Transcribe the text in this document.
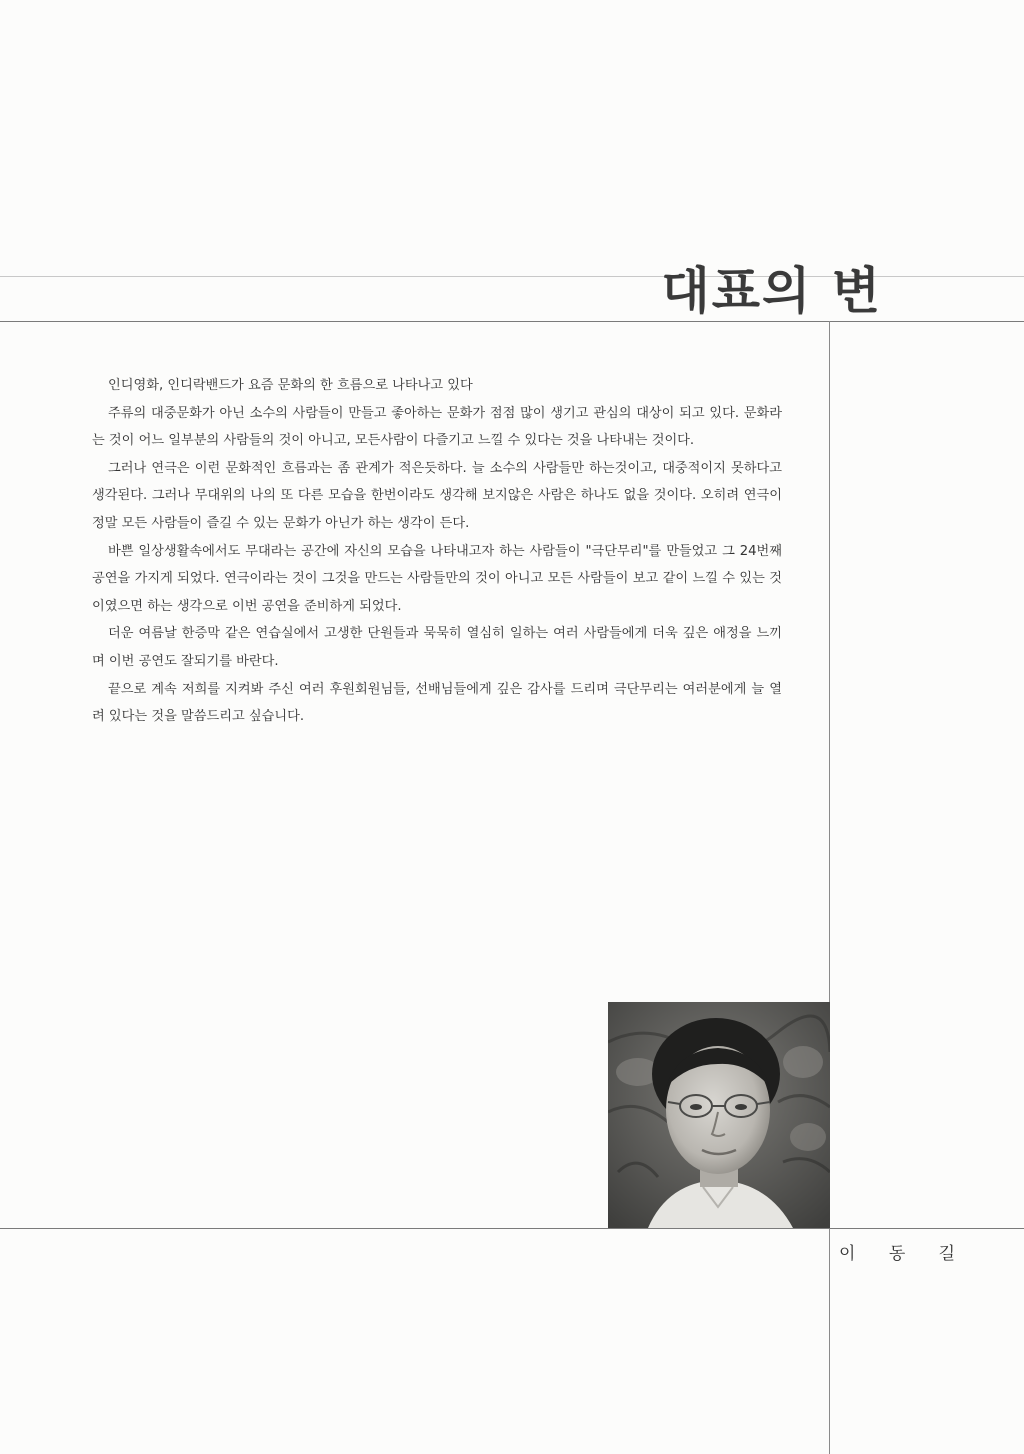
대표의 변

인디영화, 인디락밴드가 요즘 문화의 한 흐름으로 나타나고 있다

주류의 대중문화가 아닌 소수의 사람들이 만들고 좋아하는 문화가 점점 많이 생기고 관심의 대상이 되고 있다. 문화라는 것이 어느 일부분의 사람들의 것이 아니고, 모든사람이 다즐기고 느낄 수 있다는 것을 나타내는 것이다.

그러나 연극은 이런 문화적인 흐름과는 좀 관계가 적은듯하다. 늘 소수의 사람들만 하는것이고, 대중적이지 못하다고 생각된다. 그러나 무대위의 나의 또 다른 모습을 한번이라도 생각해 보지않은 사람은 하나도 없을 것이다. 오히려 연극이 정말 모든 사람들이 즐길 수 있는 문화가 아닌가 하는 생각이 든다.

바쁜 일상생활속에서도 무대라는 공간에 자신의 모습을 나타내고자 하는 사람들이 "극단무리"를 만들었고 그 24번째 공연을 가지게 되었다. 연극이라는 것이 그것을 만드는 사람들만의 것이 아니고 모든 사람들이 보고 같이 느낄 수 있는 것이였으면 하는 생각으로 이번 공연을 준비하게 되었다.

더운 여름날 한증막 같은 연습실에서 고생한 단원들과 묵묵히 열심히 일하는 여러 사람들에게 더욱 깊은 애정을 느끼며 이번 공연도 잘되기를 바란다.

끝으로 계속 저희를 지켜봐 주신 여러 후원회원님들, 선배님들에게 깊은 감사를 드리며 극단무리는 여러분에게 늘 열려 있다는 것을 말씀드리고 싶습니다.

이 동 길
